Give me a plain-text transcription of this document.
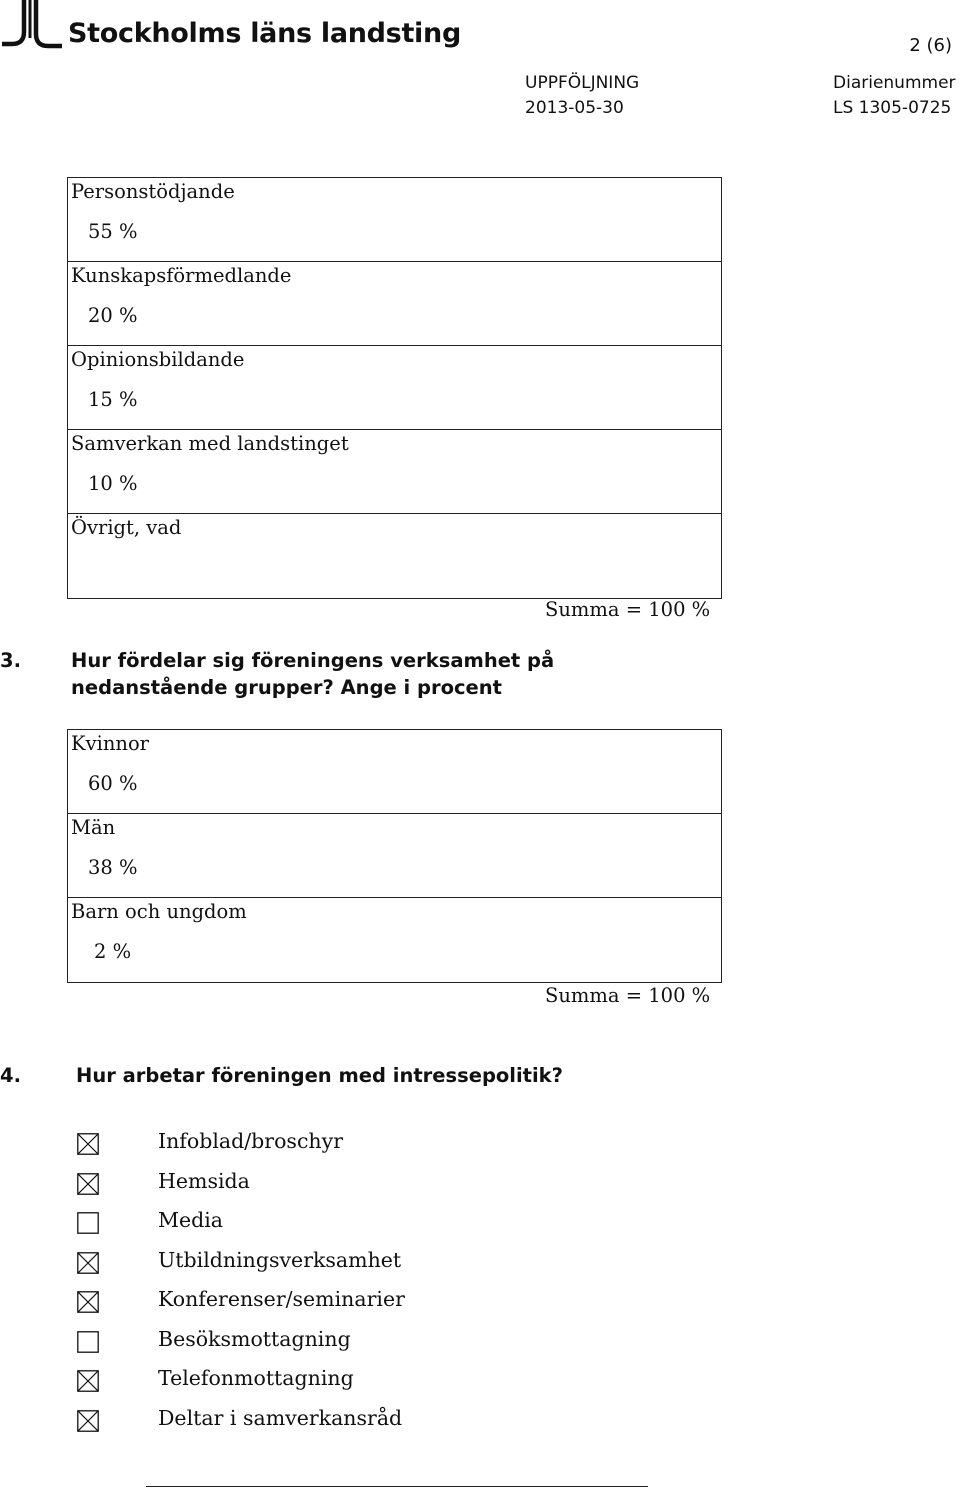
Stockholms läns landsting	2 (6)
UPPFÖLJNING
2013-05-30
Diarienummer
LS 1305-0725
Personstödjande
55 %
Kunskapsförmedlande
20 %
Opinionsbildande
15 %
Samverkan med landstinget
10 %
Övrigt, vad
Summa = 100 %
3.	Hur fördelar sig föreningens verksamhet på
nedanstående grupper? Ange i procent
Kvinnor
60 %
Män
38 %
Barn och ungdom
2 %
Summa = 100 %
4.	Hur arbetar föreningen med intressepolitik?
Infoblad/broschyr
Hemsida
Media
Utbildningsverksamhet
Konferenser/seminarier
Besöksmottagning
Telefonmottagning
Deltar i samverkansråd
